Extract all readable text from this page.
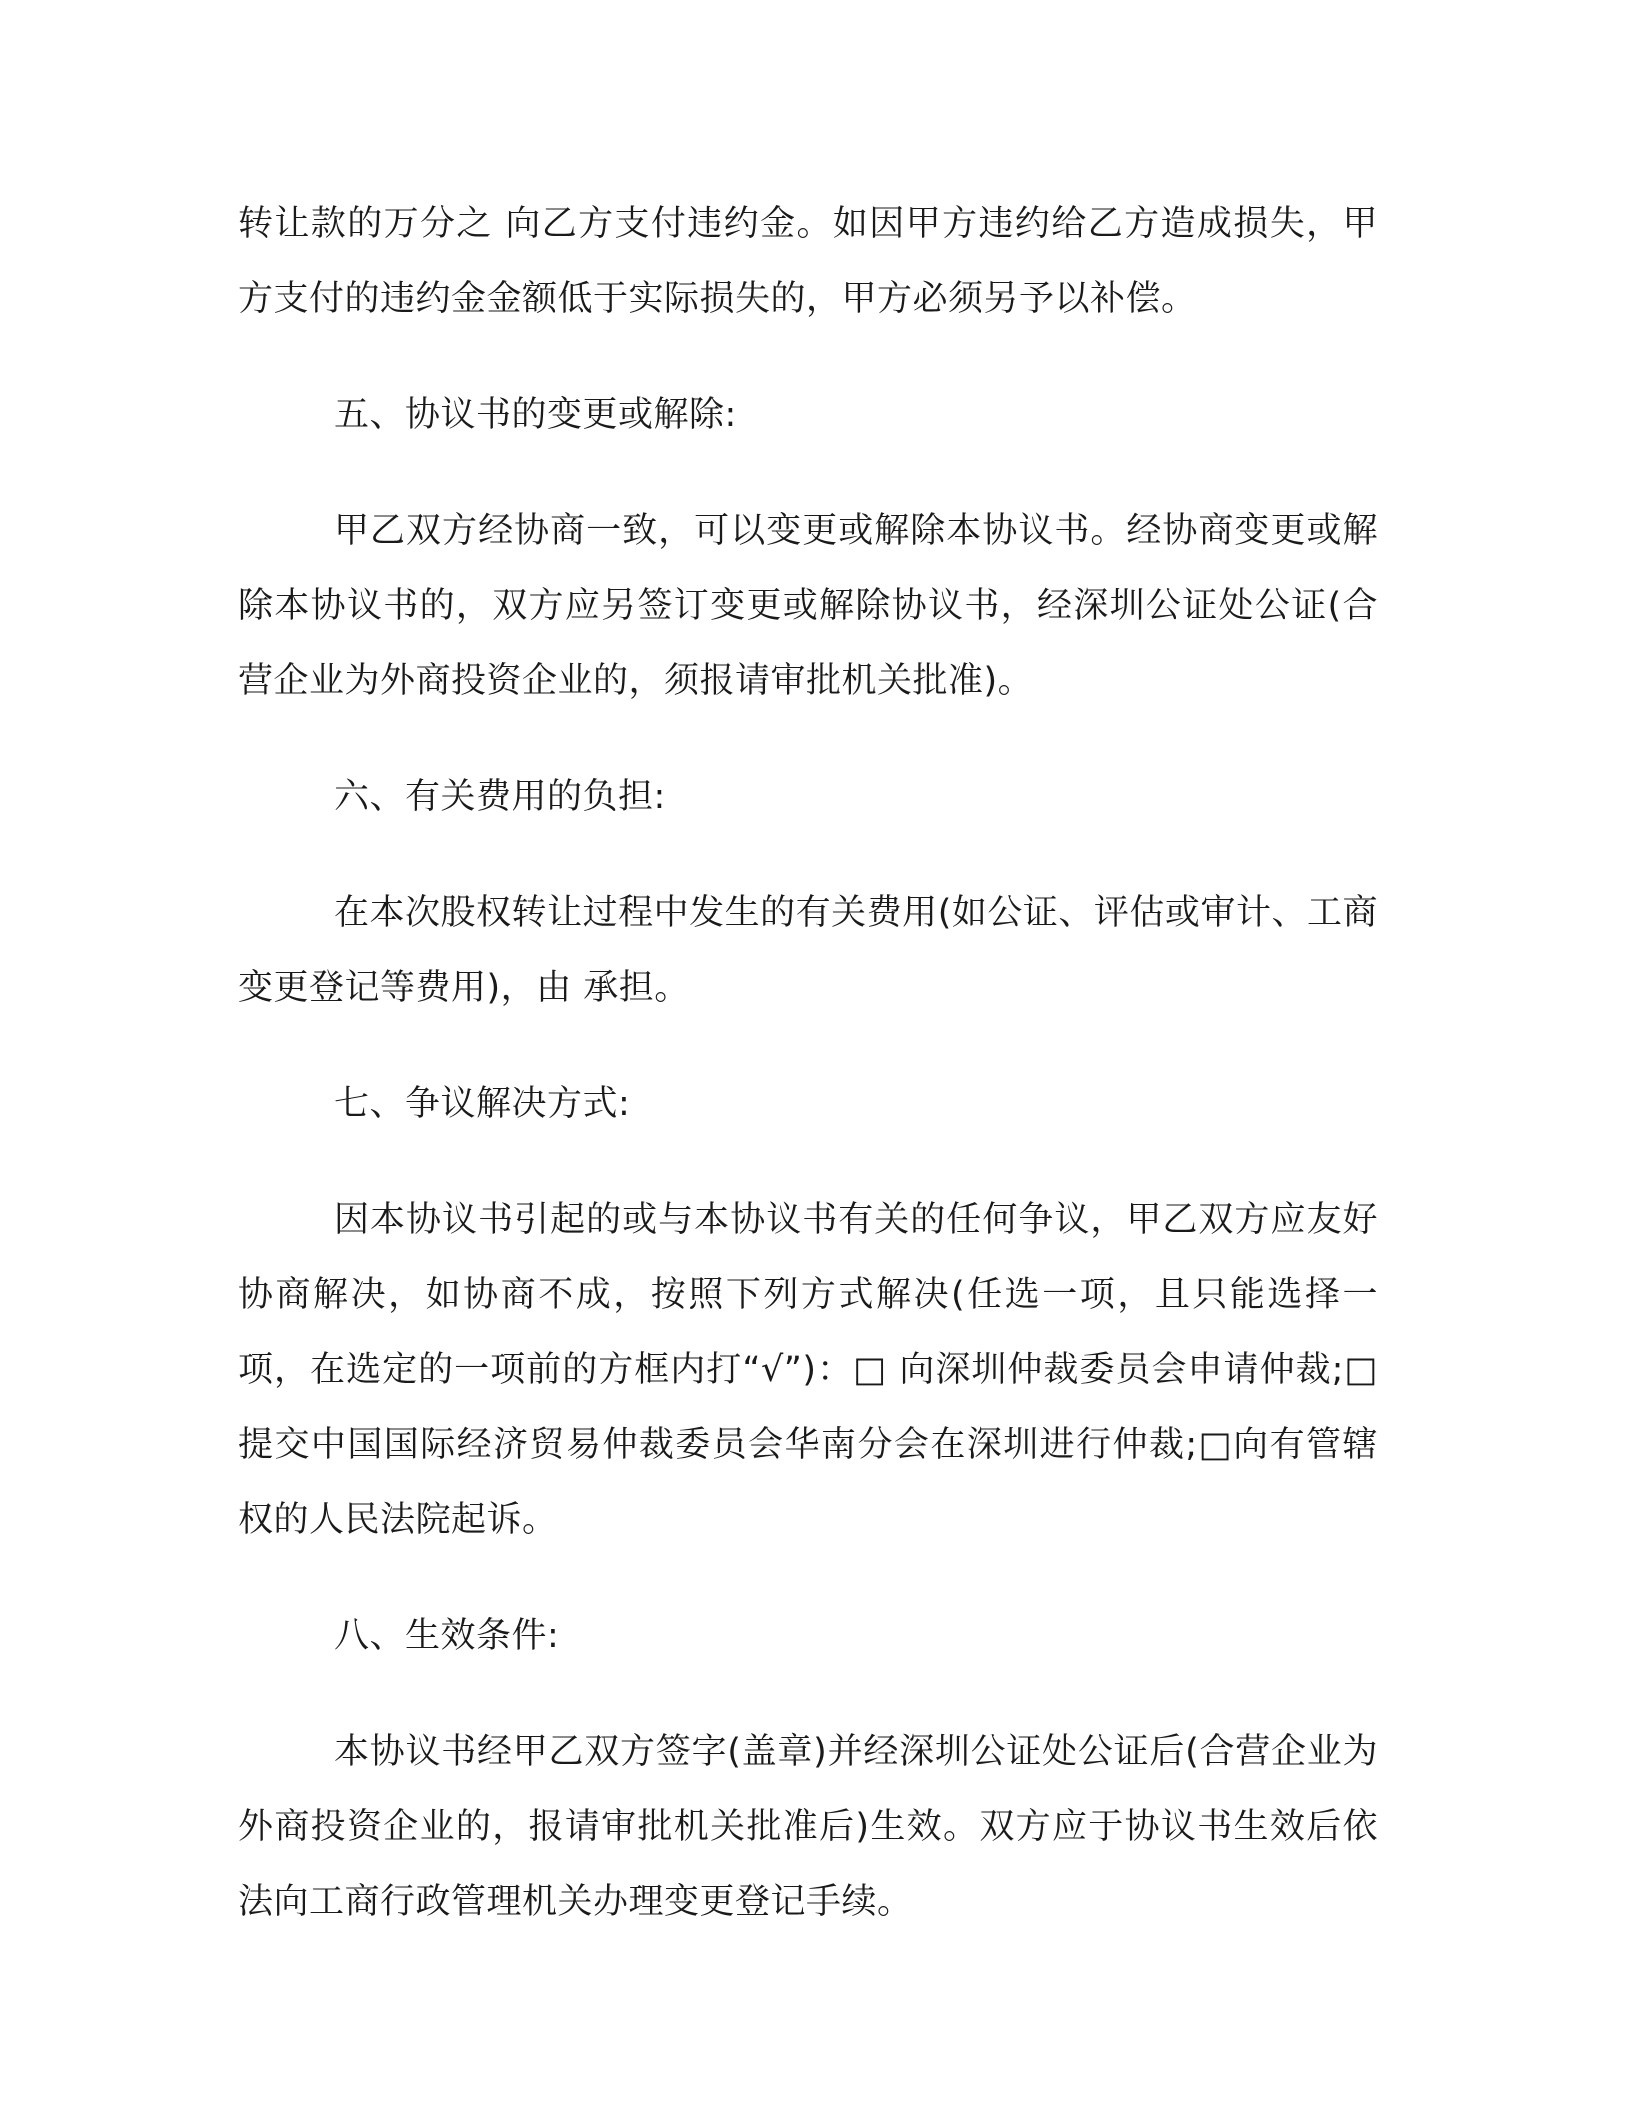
转让款的万分之 向乙方支付违约金。如因甲方违约给乙方造成损失，甲方支付的违约金金额低于实际损失的，甲方必须另予以补偿。

五、协议书的变更或解除:

甲乙双方经协商一致，可以变更或解除本协议书。经协商变更或解除本协议书的，双方应另签订变更或解除协议书，经深圳公证处公证(合营企业为外商投资企业的，须报请审批机关批准)。

六、有关费用的负担:

在本次股权转让过程中发生的有关费用(如公证、评估或审计、工商变更登记等费用)，由 承担。

七、争议解决方式:

因本协议书引起的或与本协议书有关的任何争议，甲乙双方应友好协商解决，如协商不成，按照下列方式解决(任选一项，且只能选择一项，在选定的一项前的方框内打“√”)：□ 向深圳仲裁委员会申请仲裁;□提交中国国际经济贸易仲裁委员会华南分会在深圳进行仲裁;□向有管辖权的人民法院起诉。

八、生效条件:

本协议书经甲乙双方签字(盖章)并经深圳公证处公证后(合营企业为外商投资企业的，报请审批机关批准后)生效。双方应于协议书生效后依法向工商行政管理机关办理变更登记手续。
